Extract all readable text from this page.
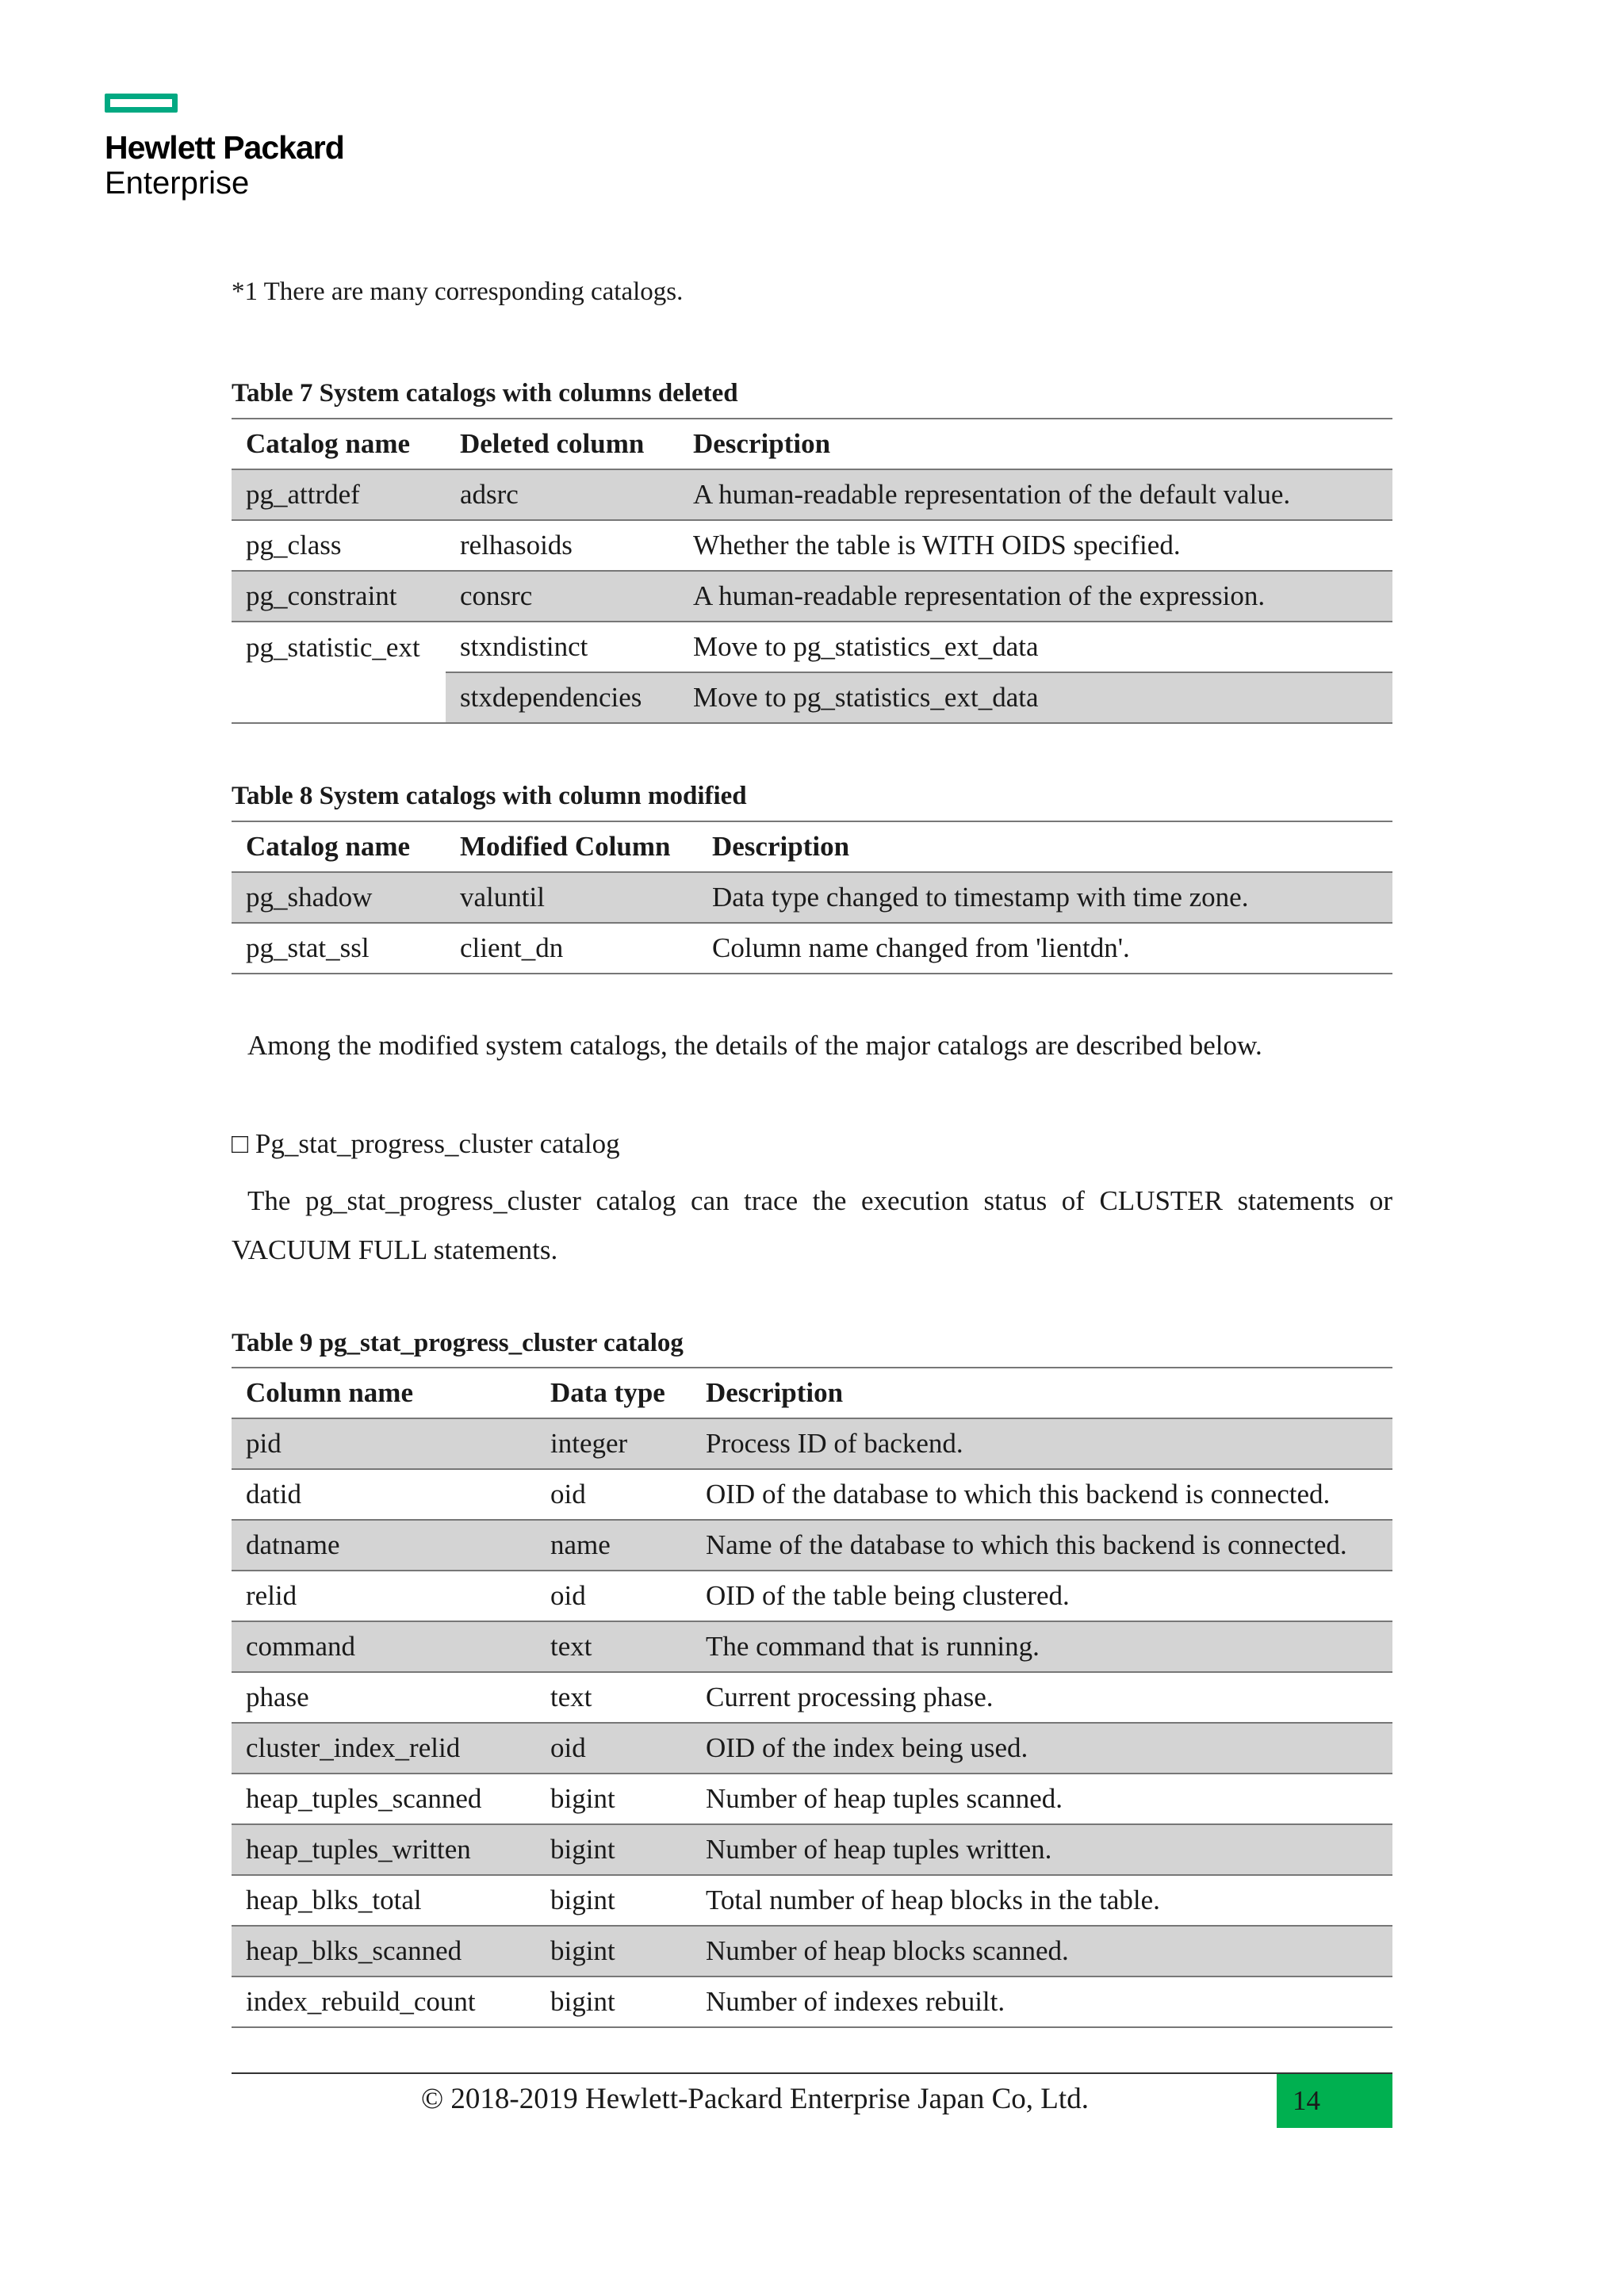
Hewlett Packard
Enterprise
*1 There are many corresponding catalogs.
Table 7 System catalogs with columns deleted
Catalog name	Deleted column	Description
pg_attrdef	adsrc	A human-readable representation of the default value.
pg_class	relhasoids	Whether the table is WITH OIDS specified.
pg_constraint	consrc	A human-readable representation of the expression.
pg_statistic_ext	stxndistinct	Move to pg_statistics_ext_data
	stxdependencies	Move to pg_statistics_ext_data
Table 8 System catalogs with column modified
Catalog name	Modified Column	Description
pg_shadow	valuntil	Data type changed to timestamp with time zone.
pg_stat_ssl	client_dn	Column name changed from 'lientdn'.
Among the modified system catalogs, the details of the major catalogs are described below.
□ Pg_stat_progress_cluster catalog
The pg_stat_progress_cluster catalog can trace the execution status of CLUSTER statements or VACUUM FULL statements.
Table 9 pg_stat_progress_cluster catalog
Column name	Data type	Description
pid	integer	Process ID of backend.
datid	oid	OID of the database to which this backend is connected.
datname	name	Name of the database to which this backend is connected.
relid	oid	OID of the table being clustered.
command	text	The command that is running.
phase	text	Current processing phase.
cluster_index_relid	oid	OID of the index being used.
heap_tuples_scanned	bigint	Number of heap tuples scanned.
heap_tuples_written	bigint	Number of heap tuples written.
heap_blks_total	bigint	Total number of heap blocks in the table.
heap_blks_scanned	bigint	Number of heap blocks scanned.
index_rebuild_count	bigint	Number of indexes rebuilt.
© 2018-2019 Hewlett-Packard Enterprise Japan Co, Ltd.	14
